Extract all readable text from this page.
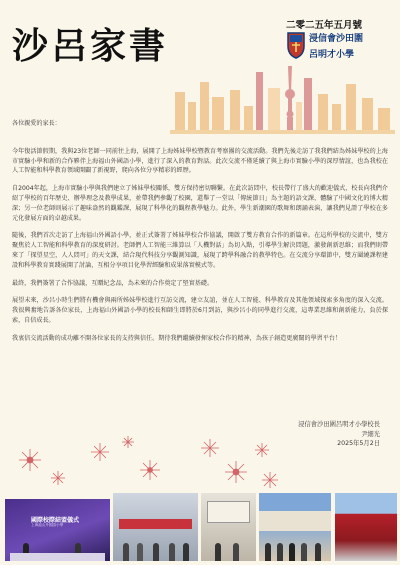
沙呂家書	二零二五年五月號
浸信會沙田圍
呂明才小學

各位親愛的家長：

今年復活節假期，我與23位老師一同前往上海，展開了上海姊妹學校暨教育考察團的交流活動。我們先後走訪了我我們結為姊妹學校的上海市實驗小學和新的合作夥伴上海福山外國語小學，進行了深入的教育對話。此次交流不僅延續了與上海市實驗小學的深厚情誼，也為我校在人工智能和科學教育領域開闢了新視野，爬向各位分享精彩的經歷。

自2004年起，上海市實驗小學與我們建立了姊妹學校關係，雙方保持密切聯繫。在此次訪問中，校長帶行了盛大的歡迎儀式，校長向我們介紹了學校的百年歷史、辦學理念及教學成果，並帶我們參觀了校園，還舉了一堂以「傳統節日」為主題的語文課，體驗了中國文化的博大精深；另一位老師則展示了趣味盎然的觀鑑課，展現了科學化的觀程教學魅力。此外，學生新潮園的歌舞和朗誦表演，讓我們見證了學校在多元化發展方面的卓越成果。

隨後，我們首次走訪了上海福山外國語小學，並正式簽署了姊妹學校合作協議，開啟了雙方教育合作的新篇章。在這所學校的交流中，雙方聚焦於人工智能和科學教育的深度研討。老師們人工智能三維算以「人機對話」為切入點，引導學生解決問題，激發創新思維；而我們則帶來了「探望星空，人人問可」的天文課，結合現代科技分享觀測知識，展現了跨學科融合的教學特色。在交流分享環節中，雙方圍繞課程建設和科學教育實踐展開了討論，互相分享項目化學習經驗和成果落實模式等。

最終，我們簽署了合作協議，互贈紀念品，為未來的合作奠定了堅實基礎。

展望未來，沙呂小時生們將有機會與兩所姊妹學校進行互訪交流，建立友誼，並在人工智能、科學教育及其他領域探索多角度的深入交流。我很興奮地告訴各位家長，上海福山外國語小學的校長和師生即將於6月到訪，與沙呂小的同學進行交流，這專業思維和創新能力，負於探索，自信成長。

我衷信交流活動的成功離不開各位家長的支持與信任。期待我們繼續發揮家校合作的精神，為孩子創造更廣闊的學習平台！

浸信會沙田圍呂明才小學校長
尹細光
2025年5月2日
國際校際結盟儀式
上海福山外國語小學
